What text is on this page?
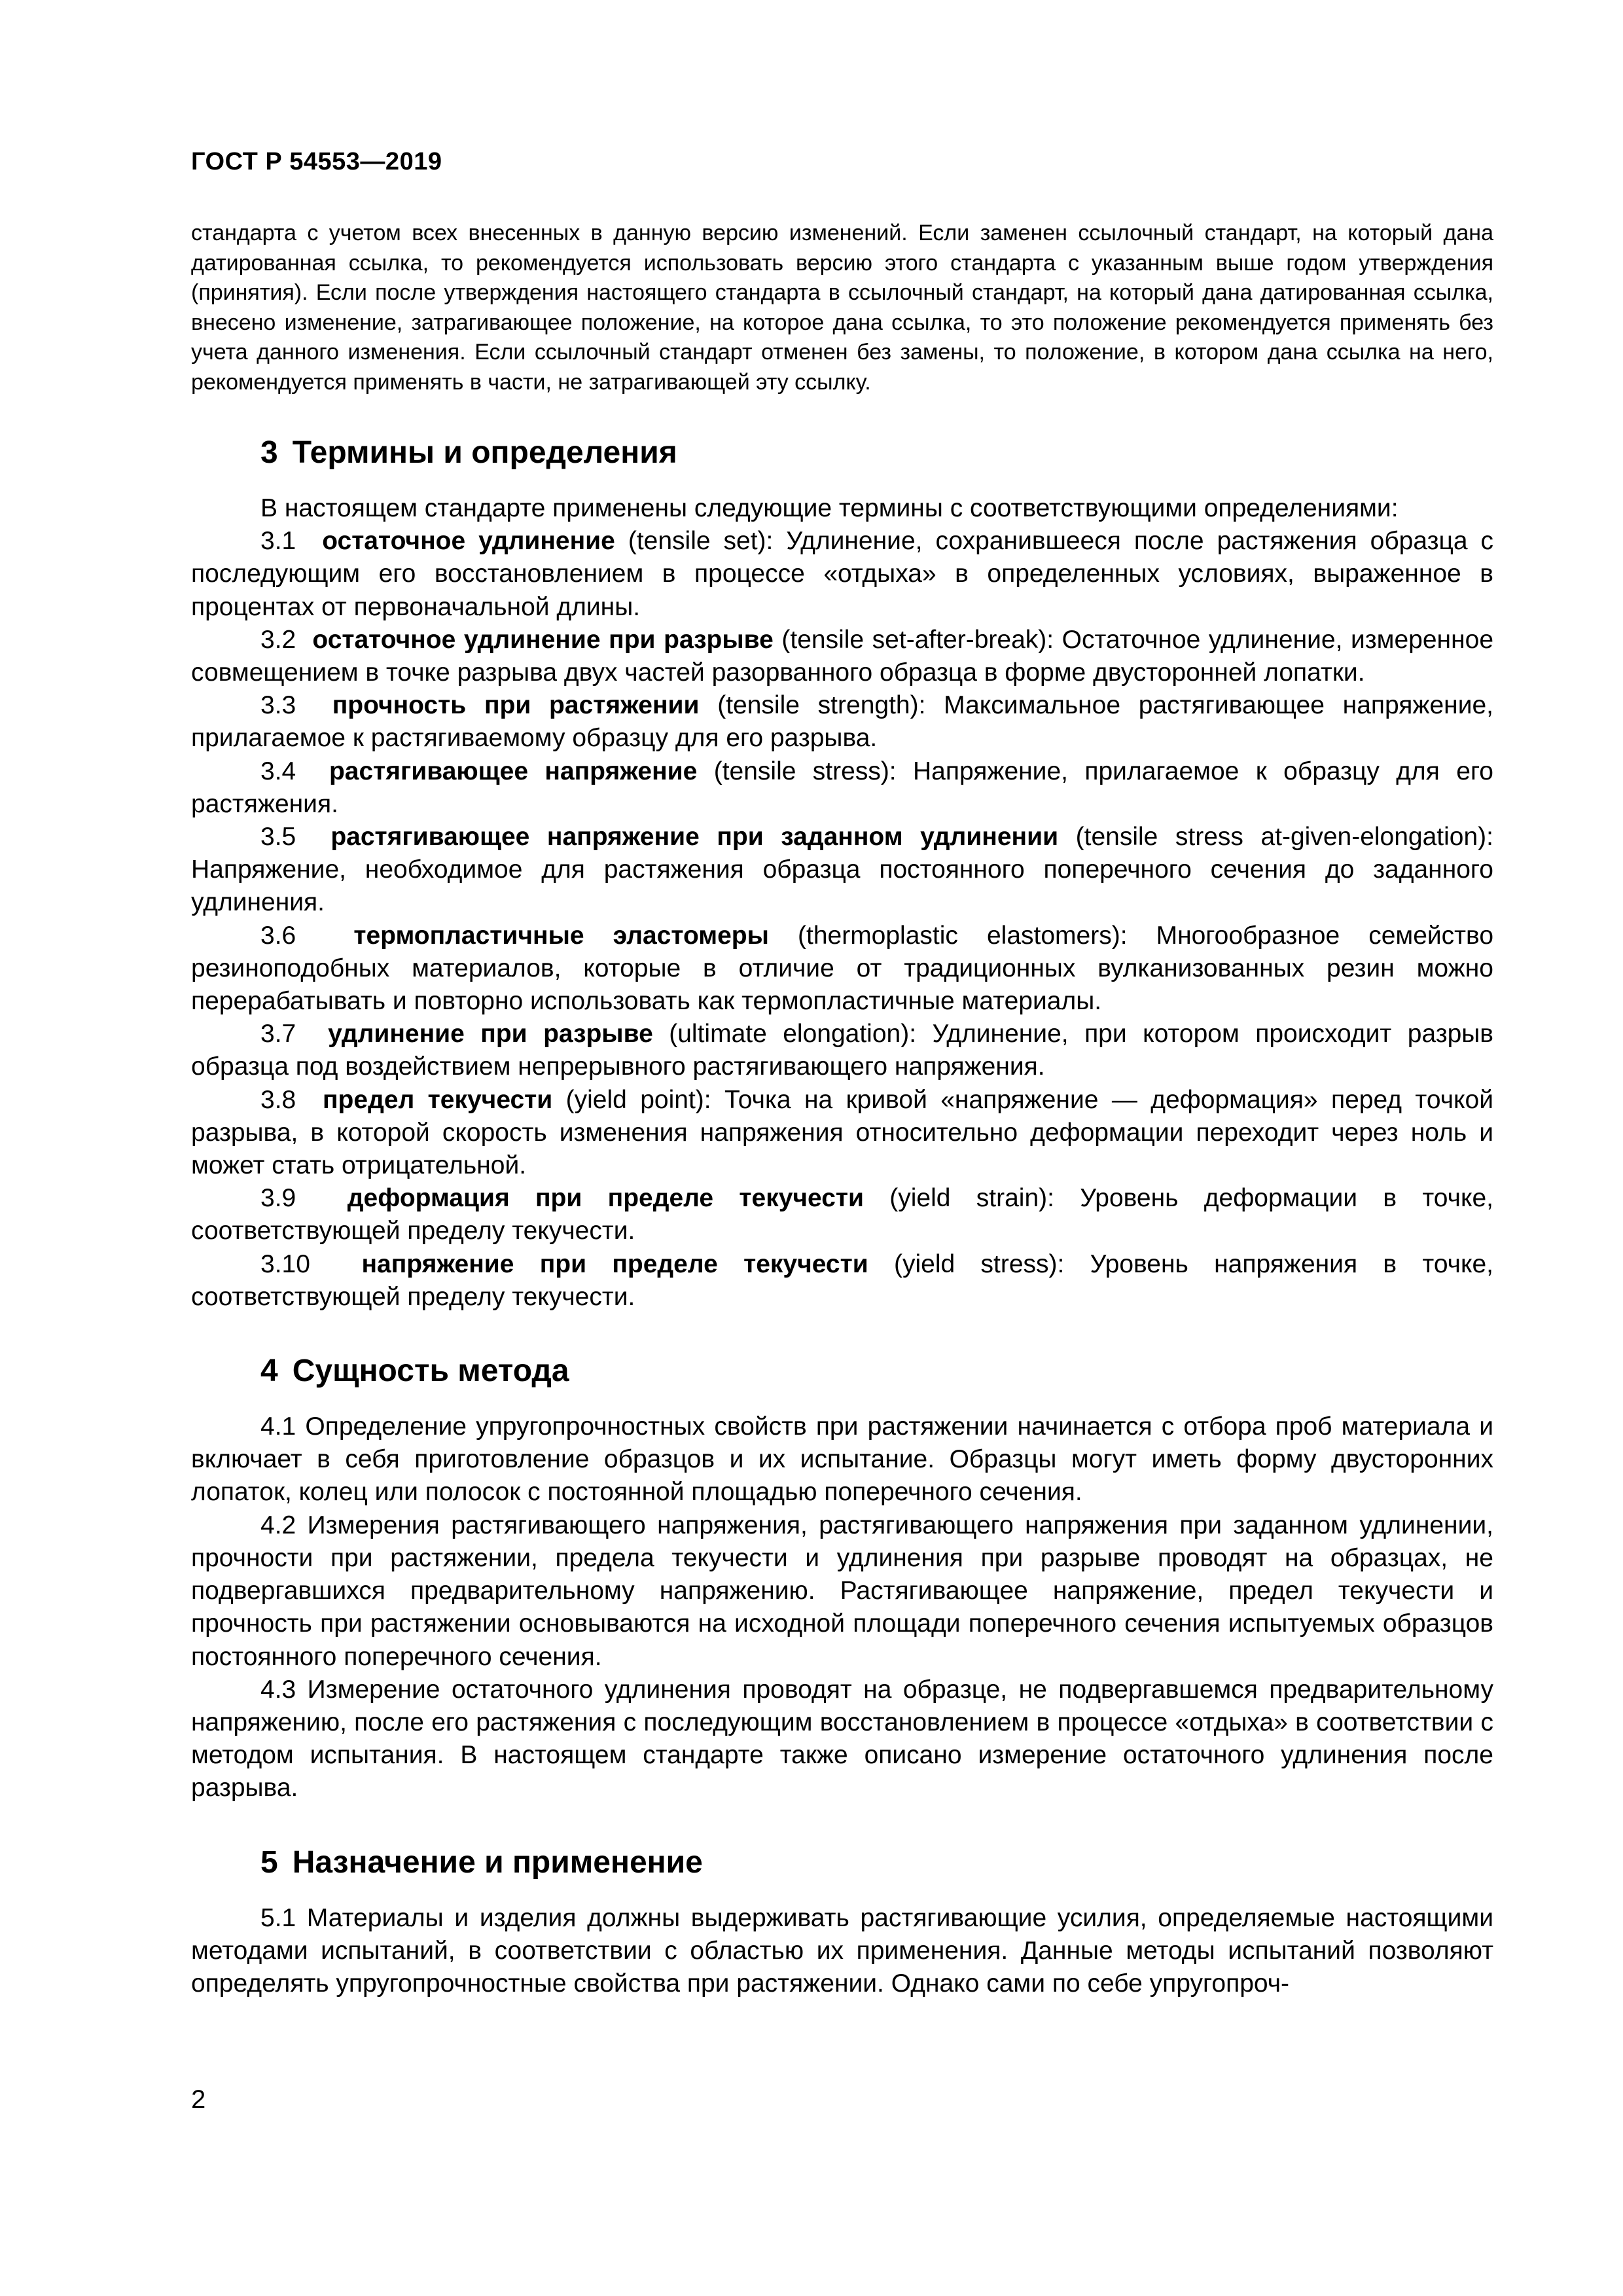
ГОСТ Р 54553—2019

стандарта с учетом всех внесенных в данную версию изменений. Если заменен ссылочный стандарт, на который дана датированная ссылка, то рекомендуется использовать версию этого стандарта с указанным выше годом утверждения (принятия). Если после утверждения настоящего стандарта в ссылочный стандарт, на который дана датированная ссылка, внесено изменение, затрагивающее положение, на которое дана ссылка, то это положение рекомендуется применять без учета данного изменения. Если ссылочный стандарт отменен без замены, то положение, в котором дана ссылка на него, рекомендуется применять в части, не затрагивающей эту ссылку.

3 Термины и определения

В настоящем стандарте применены следующие термины с соответствующими определениями:

3.1 остаточное удлинение (tensile set): Удлинение, сохранившееся после растяжения образца с последующим его восстановлением в процессе «отдыха» в определенных условиях, выраженное в процентах от первоначальной длины.

3.2 остаточное удлинение при разрыве (tensile set-after-break): Остаточное удлинение, измеренное совмещением в точке разрыва двух частей разорванного образца в форме двусторонней лопатки.

3.3 прочность при растяжении (tensile strength): Максимальное растягивающее напряжение, прилагаемое к растягиваемому образцу для его разрыва.

3.4 растягивающее напряжение (tensile stress): Напряжение, прилагаемое к образцу для его растяжения.

3.5 растягивающее напряжение при заданном удлинении (tensile stress at-given-elongation): Напряжение, необходимое для растяжения образца постоянного поперечного сечения до заданного удлинения.

3.6 термопластичные эластомеры (thermoplastic elastomers): Многообразное семейство резиноподобных материалов, которые в отличие от традиционных вулканизованных резин можно перерабатывать и повторно использовать как термопластичные материалы.

3.7 удлинение при разрыве (ultimate elongation): Удлинение, при котором происходит разрыв образца под воздействием непрерывного растягивающего напряжения.

3.8 предел текучести (yield point): Точка на кривой «напряжение — деформация» перед точкой разрыва, в которой скорость изменения напряжения относительно деформации переходит через ноль и может стать отрицательной.

3.9 деформация при пределе текучести (yield strain): Уровень деформации в точке, соответствующей пределу текучести.

3.10 напряжение при пределе текучести (yield stress): Уровень напряжения в точке, соответствующей пределу текучести.

4 Сущность метода

4.1 Определение упругопрочностных свойств при растяжении начинается с отбора проб материала и включает в себя приготовление образцов и их испытание. Образцы могут иметь форму двусторонних лопаток, колец или полосок с постоянной площадью поперечного сечения.

4.2 Измерения растягивающего напряжения, растягивающего напряжения при заданном удлинении, прочности при растяжении, предела текучести и удлинения при разрыве проводят на образцах, не подвергавшихся предварительному напряжению. Растягивающее напряжение, предел текучести и прочность при растяжении основываются на исходной площади поперечного сечения испытуемых образцов постоянного поперечного сечения.

4.3 Измерение остаточного удлинения проводят на образце, не подвергавшемся предварительному напряжению, после его растяжения с последующим восстановлением в процессе «отдыха» в соответствии с методом испытания. В настоящем стандарте также описано измерение остаточного удлинения после разрыва.

5 Назначение и применение

5.1 Материалы и изделия должны выдерживать растягивающие усилия, определяемые настоящими методами испытаний, в соответствии с областью их применения. Данные методы испытаний позволяют определять упругопрочностные свойства при растяжении. Однако сами по себе упругопроч-

2
